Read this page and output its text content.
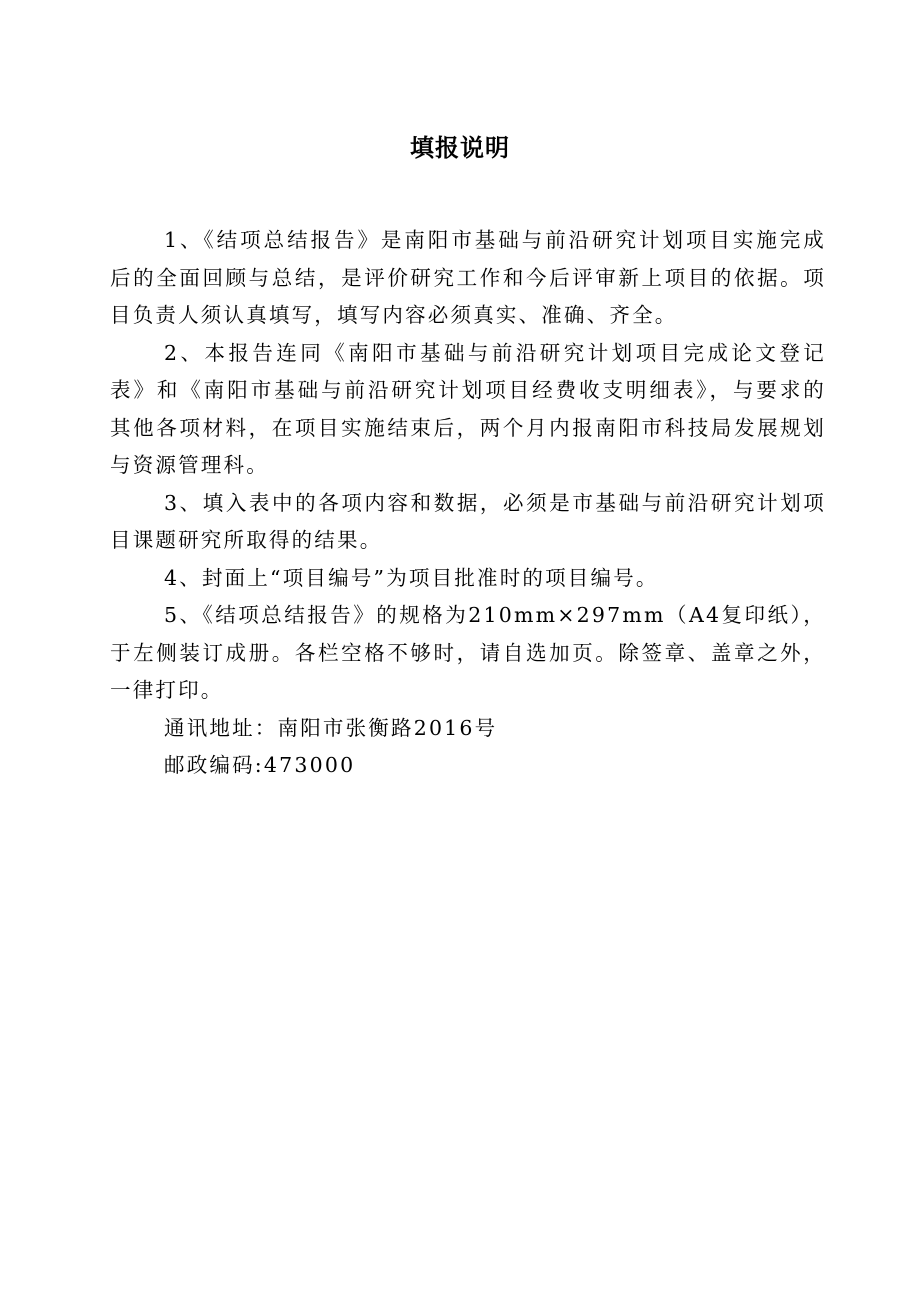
填报说明

1、《结项总结报告》是南阳市基础与前沿研究计划项目实施完成后的全面回顾与总结，是评价研究工作和今后评审新上项目的依据。项目负责人须认真填写，填写内容必须真实、准确、齐全。

2、本报告连同《南阳市基础与前沿研究计划项目完成论文登记表》和《南阳市基础与前沿研究计划项目经费收支明细表》，与要求的其他各项材料，在项目实施结束后，两个月内报南阳市科技局发展规划与资源管理科。

3、填入表中的各项内容和数据，必须是市基础与前沿研究计划项目课题研究所取得的结果。

4、封面上“项目编号”为项目批准时的项目编号。

5、《结项总结报告》的规格为210mm×297mm（A4复印纸），于左侧装订成册。各栏空格不够时，请自选加页。除签章、盖章之外，一律打印。

通讯地址：南阳市张衡路2016号

邮政编码:473000
